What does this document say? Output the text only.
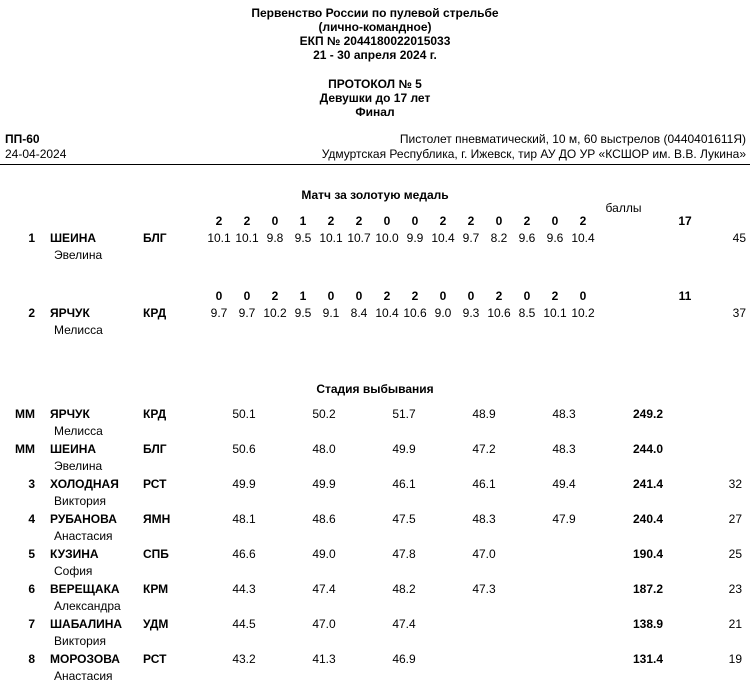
Первенство России по пулевой стрельбе
(лично-командное)
ЕКП № 2044180022015033
21 - 30 апреля 2024 г.
ПРОТОКОЛ № 5
Девушки до 17 лет
Финал
ПП-60
24-04-2024
Пистолет пневматический, 10 м, 60 выстрелов (0440401611Я)
Удмуртская Республика, г. Ижевск, тир АУ ДО УР «КСШОР им. В.В. Лукина»
Матч за золотую медаль
																	баллы		
			2	2	0	1	2	2	0	0	2	2	0	2	0	2		17	
1	ШЕИНА	БЛГ	10.1	10.1	9.8	9.5	10.1	10.7	10.0	9.9	10.4	9.7	8.2	9.6	9.6	10.4			45
	Эвелина																		

			0	0	2	1	0	0	2	2	0	0	2	0	2	0		11	
2	ЯРЧУК	КРД	9.7	9.7	10.2	9.5	9.1	8.4	10.4	10.6	9.0	9.3	10.6	8.5	10.1	10.2			37
	Мелисса																		
Стадия выбывания
ММ	ЯРЧУК	КРД	50.1	50.2	51.7	48.9	48.3	249.2	
	Мелисса								
ММ	ШЕИНА	БЛГ	50.6	48.0	49.9	47.2	48.3	244.0	
	Эвелина								
3	ХОЛОДНАЯ	РСТ	49.9	49.9	46.1	46.1	49.4	241.4	32
	Виктория								
4	РУБАНОВА	ЯМН	48.1	48.6	47.5	48.3	47.9	240.4	27
	Анастасия								
5	КУЗИНА	СПБ	46.6	49.0	47.8	47.0		190.4	25
	София								
6	ВЕРЕЩАКА	КРМ	44.3	47.4	48.2	47.3		187.2	23
	Александра								
7	ШАБАЛИНА	УДМ	44.5	47.0	47.4			138.9	21
	Виктория								
8	МОРОЗОВА	РСТ	43.2	41.3	46.9			131.4	19
	Анастасия								
